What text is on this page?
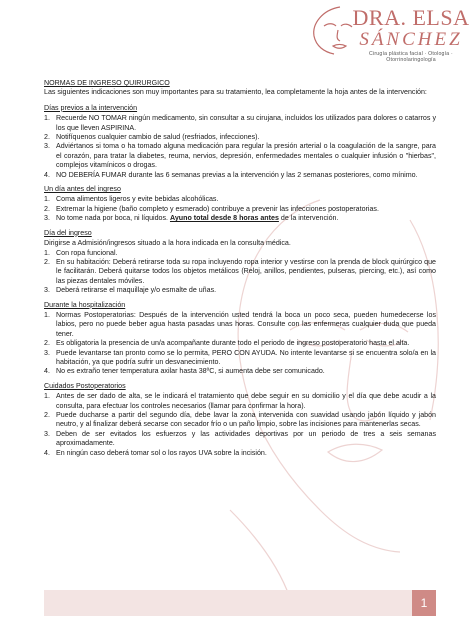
DRA. ELSA
SÁNCHEZ
Cirugía plástica facial · Otología · Otorrinolaringología

NORMAS DE INGRESO QUIRURGICO

Las siguientes indicaciones son muy importantes para su tratamiento, lea completamente la hoja antes de la intervención:

Días previos a la intervención

1. Recuerde NO TOMAR ningún medicamento, sin consultar a su cirujana, incluidos los utilizados para dolores o catarros y los que lleven ASPIRINA.
2. Notifíquenos cualquier cambio de salud (resfriados, infecciones).
3. Adviértanos si toma o ha tomado alguna medicación para regular la presión arterial o la coagulación de la sangre, para el corazón, para tratar la diabetes, reuma, nervios, depresión, enfermedades mentales o cualquier infusión o "hierbas", complejos vitamínicos o drogas.
4. NO DEBERÍA FUMAR durante las 6 semanas previas a la intervención y las 2 semanas posteriores, como mínimo.

Un día antes del ingreso

1. Coma alimentos ligeros y evite bebidas alcohólicas.
2. Extremar la higiene (baño completo y esmerado) contribuye a prevenir las infecciones postoperatorias.
3. No tome nada por boca, ni líquidos. Ayuno total desde 8 horas antes de la intervención.

Día del ingreso

Dirigirse a Admisión/ingresos situado a la hora indicada en la consulta médica.

1. Con ropa funcional.
2. En su habitación: Deberá retirarse toda su ropa incluyendo ropa interior y vestirse con la prenda de block quirúrgico que le facilitarán. Deberá quitarse todos los objetos metálicos (Reloj, anillos, pendientes, pulseras, piercing, etc.), así como las piezas dentales móviles.
3. Deberá retirarse el maquillaje y/o esmalte de uñas.

Durante la hospitalización

1. Normas Postoperatorias: Después de la intervención usted tendrá la boca un poco seca, pueden humedecerse los labios, pero no puede beber agua hasta pasadas unas horas. Consulte con las enfermeras cualquier duda que pueda tener.
2. Es obligatoria la presencia de un/a acompañante durante todo el periodo de ingreso postoperatorio hasta el alta.
3. Puede levantarse tan pronto como se lo permita, PERO CON AYUDA. No intente levantarse si se encuentra solo/a en la habitación, ya que podría sufrir un desvanecimiento.
4. No es extraño tener temperatura axilar hasta 38ºC, si aumenta debe ser comunicado.

Cuidados Postoperatorios

1. Antes de ser dado de alta, se le indicará el tratamiento que debe seguir en su domicilio y el día que debe acudir a la consulta, para efectuar los controles necesarios (llamar para confirmar la hora).
2. Puede ducharse a partir del segundo día, debe lavar la zona intervenida con suavidad usando jabón líquido y jabón neutro, y al finalizar deberá secarse con secador frío o un paño limpio, sobre las incisiones para mantenerlas secas.
3. Deben de ser evitados los esfuerzos y las actividades deportivas por un periodo de tres a seis semanas aproximadamente.
4. En ningún caso deberá tomar sol o los rayos UVA sobre la incisión.
1
